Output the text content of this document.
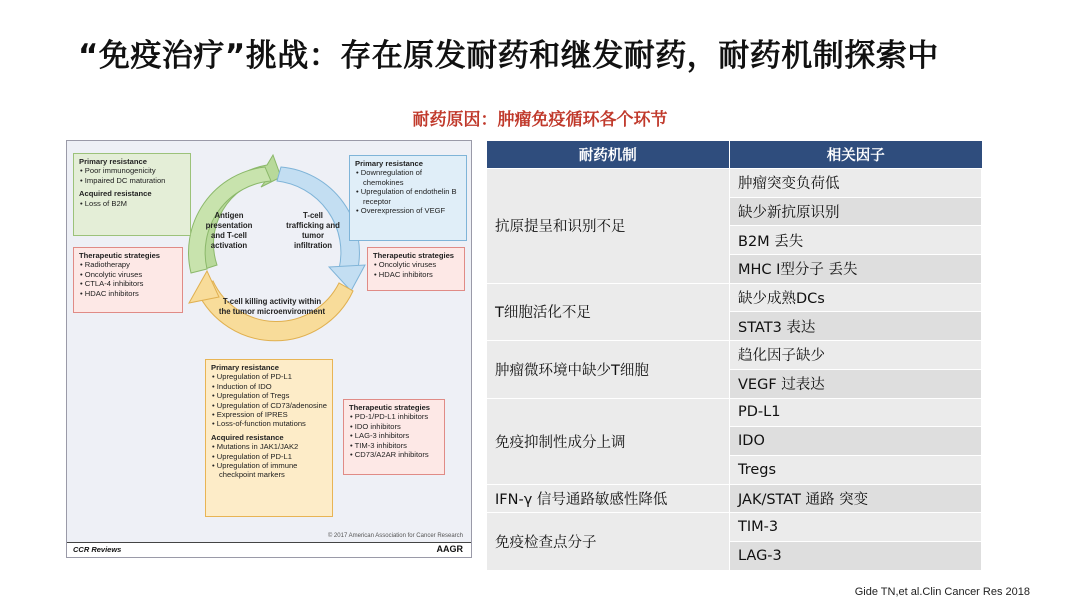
“免疫治疗”挑战：存在原发耐药和继发耐药，耐药机制探索中
耐药原因：肿瘤免疫循环各个环节
Primary resistance
• Poor immunogenicity
• Impaired DC maturation
Acquired resistance
• Loss of B2M
Therapeutic strategies
• Radiotherapy
• Oncolytic viruses
• CTLA-4 inhibitors
• HDAC inhibitors
Primary resistance
• Downregulation of chemokines
• Upregulation of endothelin B receptor
• Overexpression of VEGF
Therapeutic strategies
• Oncolytic viruses
• HDAC inhibitors
Antigen presentation and T-cell activation
T-cell trafficking and tumor infiltration
T-cell killing activity within the tumor microenvironment
Primary resistance
• Upregulation of PD-L1
• Induction of IDO
• Upregulation of Tregs
• Upregulation of CD73/adenosine
• Expression of IPRES
• Loss-of-function mutations
Acquired resistance
• Mutations in JAK1/JAK2
• Upregulation of PD-L1
• Upregulation of immune checkpoint markers
Therapeutic strategies
• PD-1/PD-L1 inhibitors
• IDO inhibitors
• LAG-3 inhibitors
• TIM-3 inhibitors
• CD73/A2AR inhibitors
© 2017 American Association for Cancer Research
CCR Reviews	AAGR
耐药机制	相关因子
抗原提呈和识别不足	肿瘤突变负荷低
	缺少新抗原识别
	B2M 丢失
	MHC I型分子 丢失
T细胞活化不足	缺少成熟DCs
	STAT3 表达
肿瘤微环境中缺少T细胞	趋化因子缺少
	VEGF 过表达
免疫抑制性成分上调	PD-L1
	IDO
	Tregs
IFN-γ 信号通路敏感性降低	JAK/STAT 通路 突变
免疫检查点分子	TIM-3
	LAG-3
Gide TN,et al.Clin Cancer Res 2018
